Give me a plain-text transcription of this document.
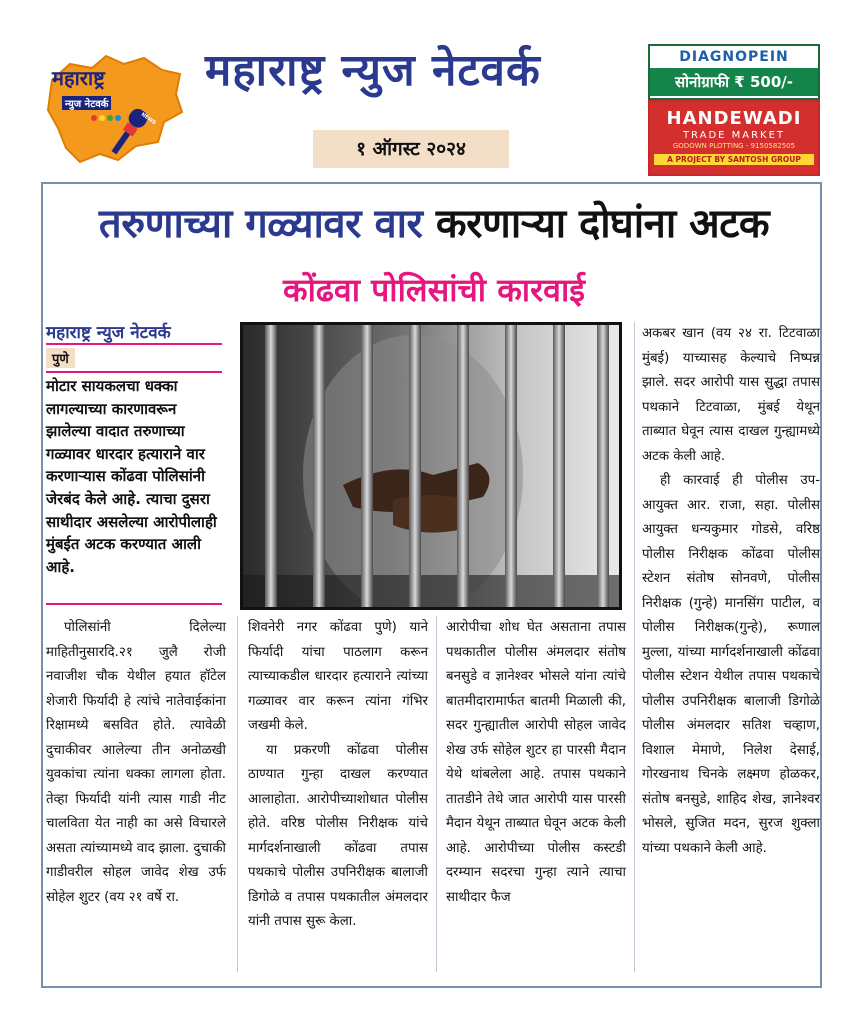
महाराष्ट्र
न्युज नेटवर्क
NEWS
महाराष्ट्र न्युज नेटवर्क
१ ऑगस्ट २०२४
DIAGNOPEIN
सोनोग्राफी ₹ 500/-
HANDEWADI
TRADE MARKET
GODOWN PLOTTING - 9150582505
A PROJECT BY SANTOSH GROUP
तरुणाच्या गळ्यावर वार करणाऱ्या दोघांना अटक
कोंढवा पोलिसांची कारवाई
महाराष्ट्र न्युज नेटवर्क
पुणे
मोटार सायकलचा धक्का लागल्याच्या कारणावरून झालेल्या वादात तरुणाच्या गळ्यावर धारदार हत्याराने वार करणाऱ्यास कोंढवा पोलिसांनी जेरबंद केले आहे. त्याचा दुसरा साथीदार असलेल्या आरोपीलाही मुंबईत अटक करण्यात आली आहे.

पोलिसांनी दिलेल्या माहितीनुसारदि.२१ जुलै रोजी नवाजीश चौक येथील हयात हॉटेल शेजारी फिर्यादी हे त्यांचे नातेवाईकांना रिक्षामध्ये बसवित होते. त्यावेळी दुचाकीवर आलेल्या तीन अनोळखी युवकांचा त्यांना धक्का लागला होता. तेव्हा फिर्यादी यांनी त्यास गाडी नीट चालविता येत नाही का असे विचारले असता त्यांच्यामध्ये वाद झाला. दुचाकी गाडीवरील सोहल जावेद शेख उर्फ सोहेल शुटर (वय २१ वर्षे रा.

शिवनेरी नगर कोंढवा पुणे) याने फिर्यादी यांचा पाठलाग करून त्याच्याकडील धारदार हत्याराने त्यांच्या गळ्यावर वार करून त्यांना गंभिर जखमी केले.

या प्रकरणी कोंढवा पोलीस ठाण्यात गुन्हा दाखल करण्यात आलाहोता. आरोपीच्याशोधात पोलीस होते. वरिष्ठ पोलीस निरीक्षक यांचे मार्गदर्शनाखाली कोंढवा तपास पथकाचे पोलीस उपनिरीक्षक बालाजी डिगोळे व तपास पथकातील अंमलदार यांनी तपास सुरू केला.

आरोपीचा शोध घेत असताना तपास पथकातील पोलीस अंमलदार संतोष बनसुडे व ज्ञानेश्वर भोसले यांना त्यांचे बातमीदारामार्फत बातमी मिळाली की, सदर गुन्ह्यातील आरोपी सोहल जावेद शेख उर्फ सोहेल शुटर हा पारसी मैदान येथे थांबलेला आहे. तपास पथकाने तातडीने तेथे जात आरोपी यास पारसी मैदान येथून ताब्यात घेवून अटक केली आहे. आरोपीच्या पोलीस कस्टडी दरम्यान सदरचा गुन्हा त्याने त्याचा साथीदार फैज

अकबर खान (वय २४ रा. टिटवाळा मुंबई) याच्यासह केल्याचे निष्पन्न झाले. सदर आरोपी यास सुद्धा तपास पथकाने टिटवाळा, मुंबई येथून ताब्यात घेवून त्यास दाखल गुन्ह्यामध्ये अटक केली आहे.

ही कारवाई ही पोलीस उप-आयुक्त आर. राजा, सहा. पोलीस आयुक्त धन्यकुमार गोडसे, वरिष्ठ पोलीस निरीक्षक कोंढवा पोलीस स्टेशन संतोष सोनवणे, पोलीस निरीक्षक (गुन्हे) मानसिंग पाटील, व पोलीस निरीक्षक(गुन्हे), रूणाल मुल्ला, यांच्या मार्गदर्शनाखाली कोंढवा पोलीस स्टेशन येथील तपास पथकाचे पोलीस उपनिरीक्षक बालाजी डिगोळे पोलीस अंमलदार सतिश चव्हाण, विशाल मेमाणे, निलेश देसाई, गोरखनाथ चिनके लक्ष्मण होळकर, संतोष बनसुडे, शाहिद शेख, ज्ञानेश्वर भोसले, सुजित मदन, सुरज शुक्ला यांच्या पथकाने केली आहे.
